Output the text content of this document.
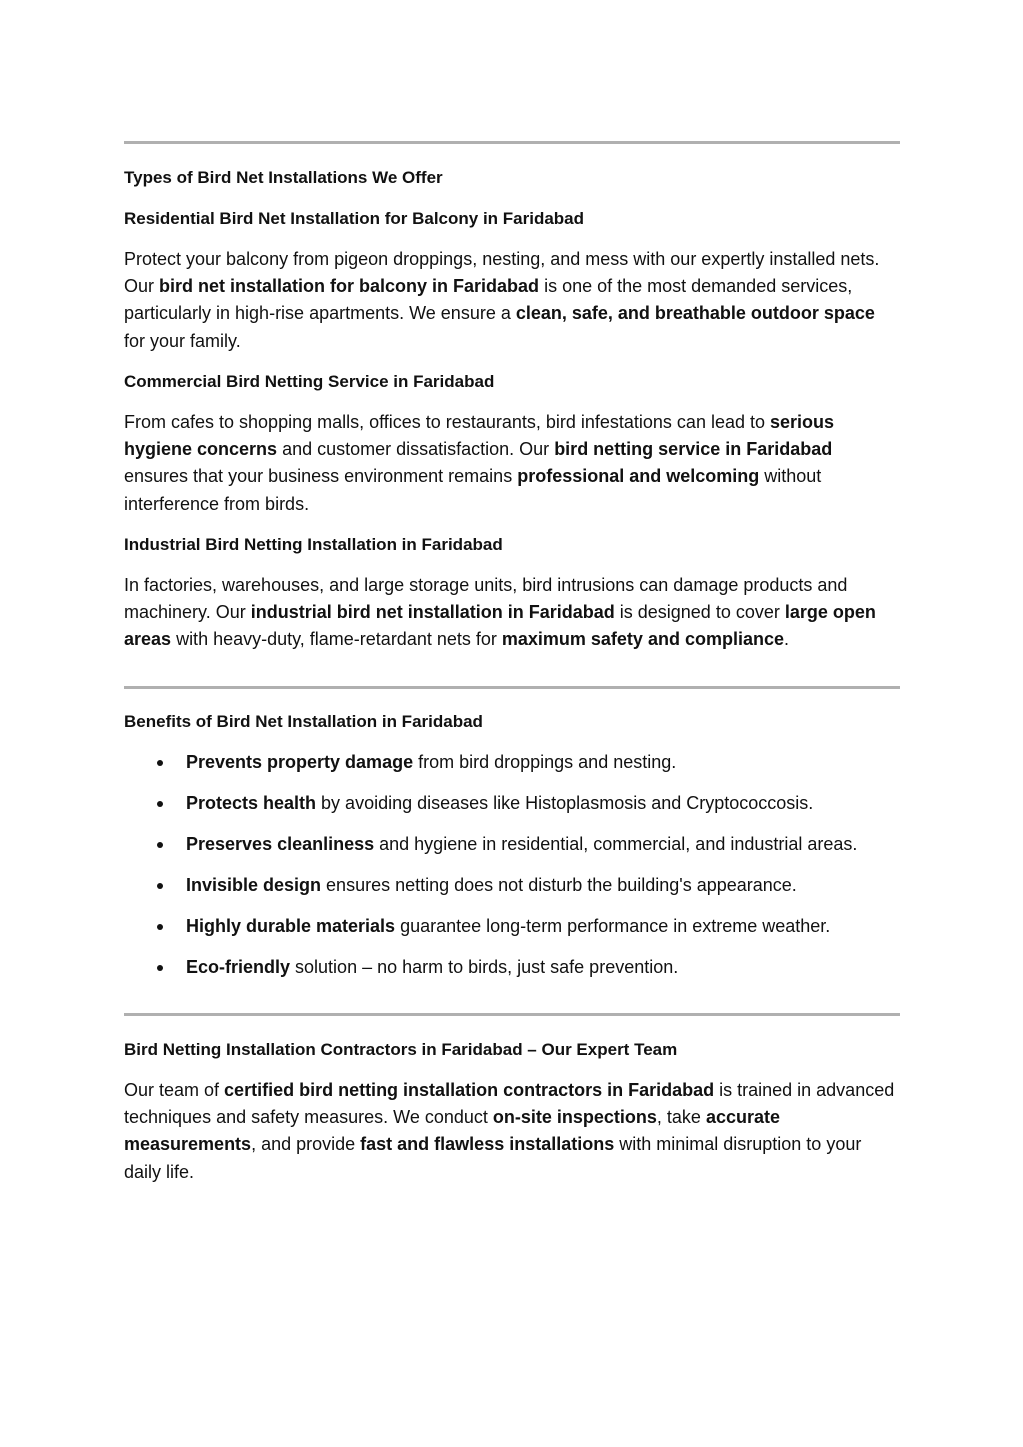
Types of Bird Net Installations We Offer
Residential Bird Net Installation for Balcony in Faridabad

Protect your balcony from pigeon droppings, nesting, and mess with our expertly installed nets. Our bird net installation for balcony in Faridabad is one of the most demanded services, particularly in high-rise apartments. We ensure a clean, safe, and breathable outdoor space for your family.

Commercial Bird Netting Service in Faridabad

From cafes to shopping malls, offices to restaurants, bird infestations can lead to serious hygiene concerns and customer dissatisfaction. Our bird netting service in Faridabad ensures that your business environment remains professional and welcoming without interference from birds.

Industrial Bird Netting Installation in Faridabad

In factories, warehouses, and large storage units, bird intrusions can damage products and machinery. Our industrial bird net installation in Faridabad is designed to cover large open areas with heavy-duty, flame-retardant nets for maximum safety and compliance.

Benefits of Bird Net Installation in Faridabad
Prevents property damage from bird droppings and nesting.
Protects health by avoiding diseases like Histoplasmosis and Cryptococcosis.
Preserves cleanliness and hygiene in residential, commercial, and industrial areas.
Invisible design ensures netting does not disturb the building's appearance.
Highly durable materials guarantee long-term performance in extreme weather.
Eco-friendly solution – no harm to birds, just safe prevention.
Bird Netting Installation Contractors in Faridabad – Our Expert Team

Our team of certified bird netting installation contractors in Faridabad is trained in advanced techniques and safety measures. We conduct on-site inspections, take accurate measurements, and provide fast and flawless installations with minimal disruption to your daily life.
